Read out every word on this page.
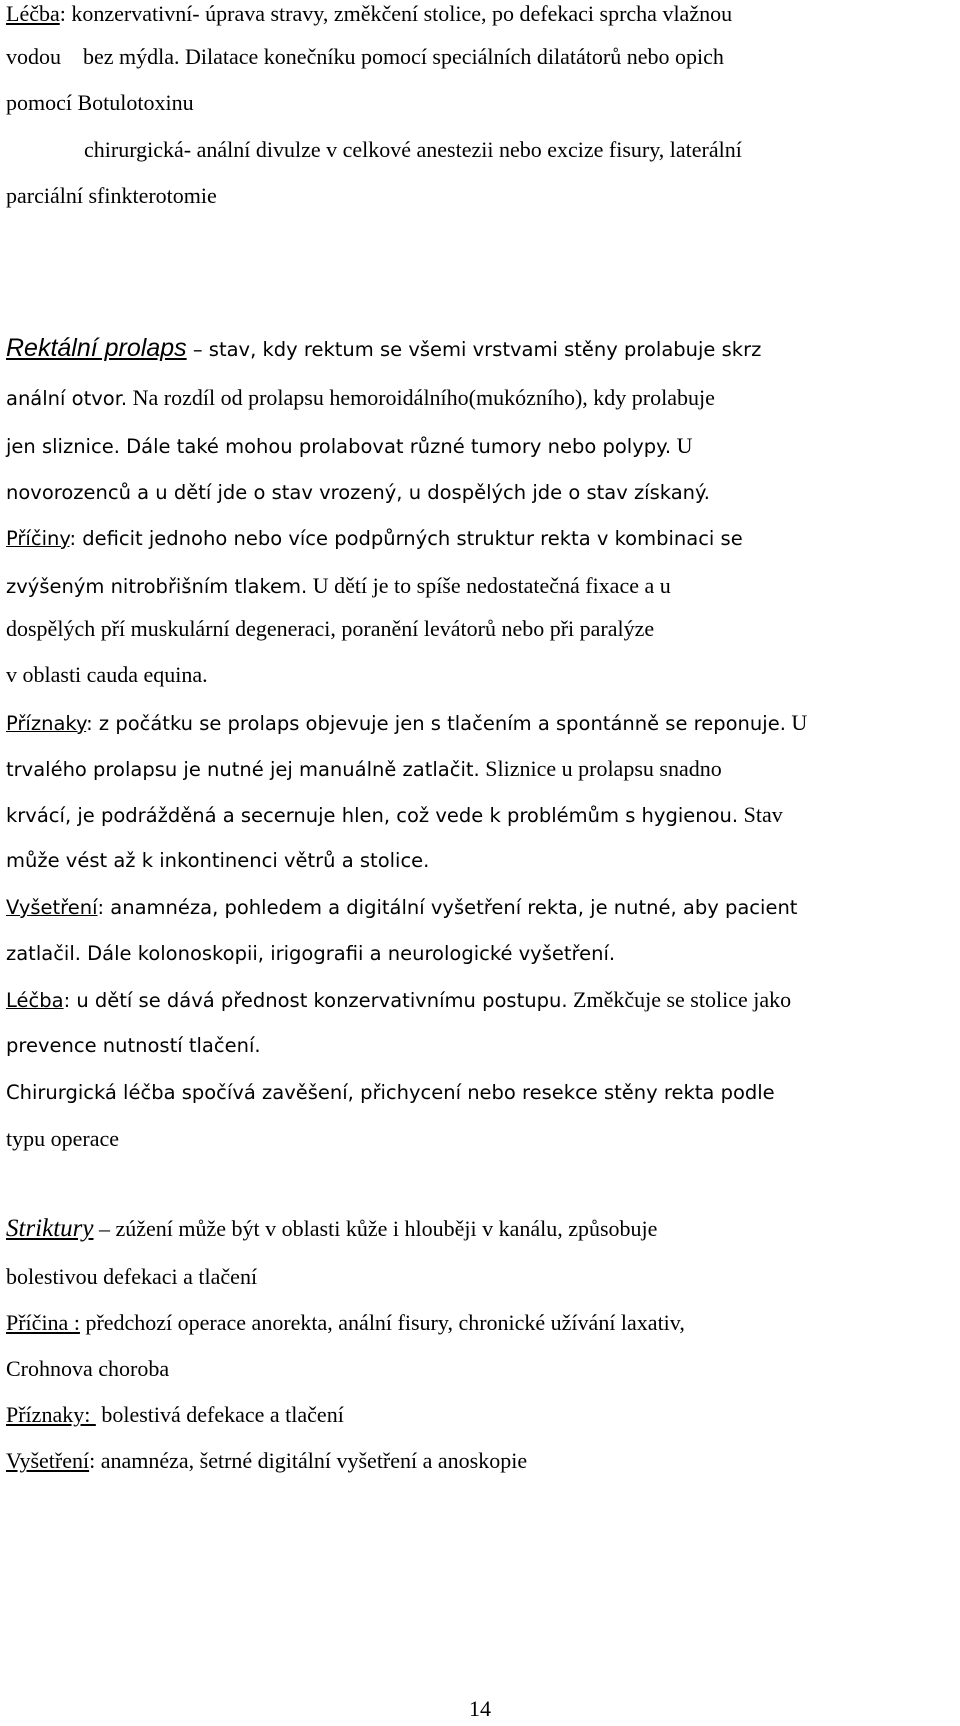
Léčba: konzervativní- úprava stravy, změkčení stolice, po defekaci sprcha vlažnou

vodou    bez mýdla. Dilatace konečníku pomocí speciálních dilatátorů nebo opich

pomocí Botulotoxinu

chirurgická- anální divulze v celkové anestezii nebo excize fisury, laterální

parciální sfinkterotomie

Rektální prolaps – stav, kdy rektum se všemi vrstvami stěny prolabuje skrz

anální otvor. Na rozdíl od prolapsu hemoroidálního(mukózního), kdy prolabuje

jen sliznice. Dále také mohou prolabovat různé tumory nebo polypy. U

novorozenců a u dětí jde o stav vrozený, u dospělých jde o stav získaný.

Příčiny: deficit jednoho nebo více podpůrných struktur rekta v kombinaci se

zvýšeným nitrobřišním tlakem. U dětí je to spíše nedostatečná fixace a u

dospělých pří muskulární degeneraci, poranění levátorů nebo při paralýze

v oblasti cauda equina.

Příznaky: z počátku se prolaps objevuje jen s tlačením a spontánně se reponuje. U

trvalého prolapsu je nutné jej manuálně zatlačit. Sliznice u prolapsu snadno

krvácí, je podrážděná a secernuje hlen, což vede k problémům s hygienou. Stav

může vést až k inkontinenci větrů a stolice.

Vyšetření: anamnéza, pohledem a digitální vyšetření rekta, je nutné, aby pacient

zatlačil. Dále kolonoskopii, irigografii a neurologické vyšetření.

Léčba: u dětí se dává přednost konzervativnímu postupu. Změkčuje se stolice jako

prevence nutností tlačení.

Chirurgická léčba spočívá zavěšení, přichycení nebo resekce stěny rekta podle

typu operace

Striktury – zúžení může být v oblasti kůže i hlouběji v kanálu, způsobuje

bolestivou defekaci a tlačení

Příčina : předchozí operace anorekta, anální fisury, chronické užívání laxativ,

Crohnova choroba

Příznaky:  bolestivá defekace a tlačení

Vyšetření: anamnéza, šetrné digitální vyšetření a anoskopie

14
